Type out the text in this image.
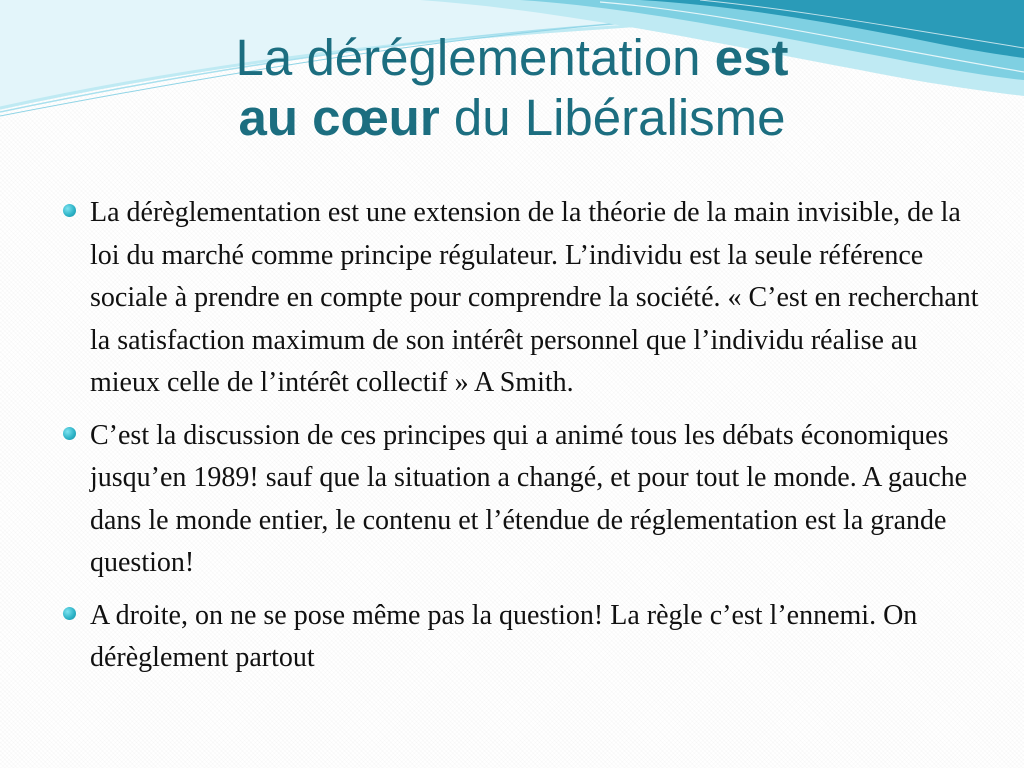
La déréglementation est
au cœur du Libéralisme
La dérèglementation est une extension de la théorie de la main invisible, de la loi du marché comme principe régulateur. L’individu est la seule référence sociale à prendre en compte pour comprendre la société. « C’est en recherchant la satisfaction maximum de son intérêt personnel que l’individu réalise au mieux celle de l’intérêt collectif » A Smith.
C’est la discussion de ces principes qui a animé tous les débats économiques jusqu’en 1989! sauf que la situation a changé, et pour tout le monde. A gauche dans le monde entier, le contenu et l’étendue de réglementation est la grande question!
A droite, on ne se pose même pas la question! La règle c’est l’ennemi. On dérèglement partout
